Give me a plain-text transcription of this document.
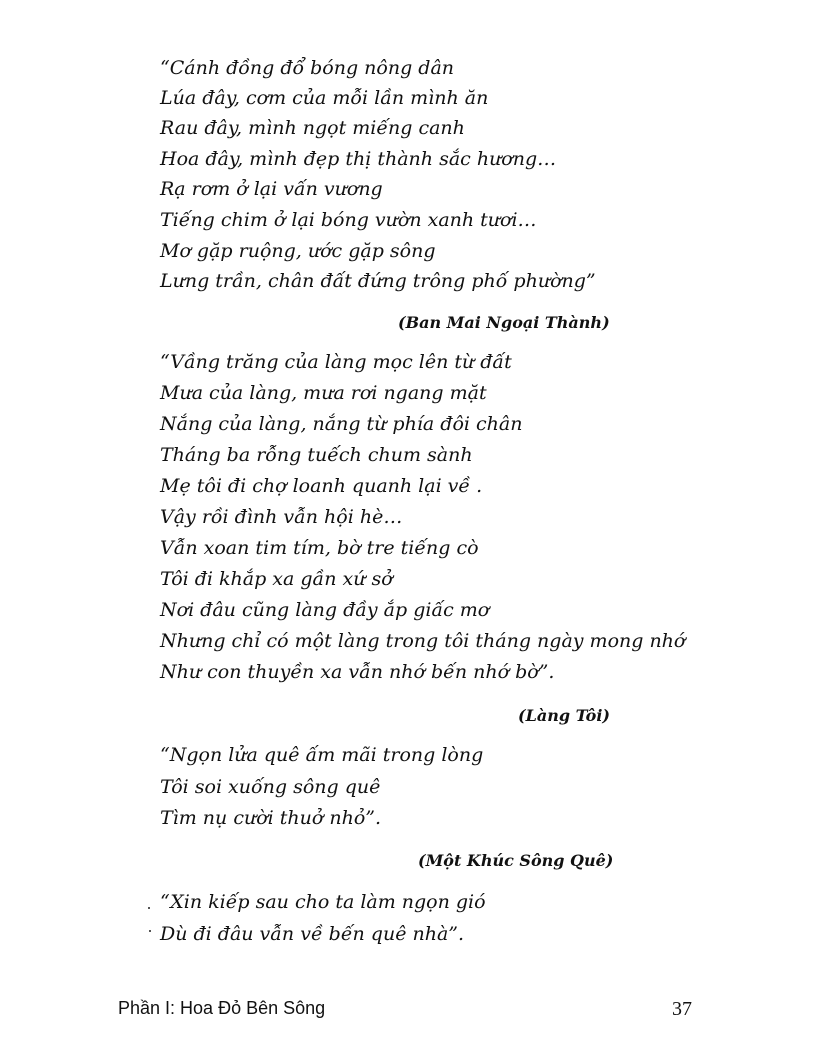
“Cánh đồng đổ bóng nông dân
Lúa đây, cơm của mỗi lần mình ăn
Rau đây, mình ngọt miếng canh
Hoa đây, mình đẹp thị thành sắc hương…
Rạ rơm ở lại vấn vương
Tiếng chim ở lại bóng vườn xanh tươi…
Mơ gặp ruộng, ước gặp sông
Lưng trần, chân đất đứng trông phố phường”
(Ban Mai Ngoại Thành)
“Vầng trăng của làng mọc lên từ đất
Mưa của làng, mưa rơi ngang mặt
Nắng của làng, nắng từ phía đôi chân
Tháng ba rỗng tuếch chum sành
Mẹ tôi đi chợ loanh quanh lại về .
Vậy rồi đình vẫn hội hè…
Vẫn xoan tim tím, bờ tre tiếng cò
Tôi đi khắp xa gần xứ sở
Nơi đâu cũng làng đầy ắp giấc mơ
Nhưng chỉ có một làng trong tôi tháng ngày mong nhớ
Như con thuyền xa vẫn nhớ bến nhớ bờ”.
(Làng Tôi)
“Ngọn lửa quê ấm mãi trong lòng
Tôi soi xuống sông quê
Tìm nụ cười thuở nhỏ”.
(Một Khúc Sông Quê)
“Xin kiếp sau cho ta làm ngọn gió
Dù đi đâu vẫn về bến quê nhà”.
Phần I: Hoa Đỏ Bên Sông	37
